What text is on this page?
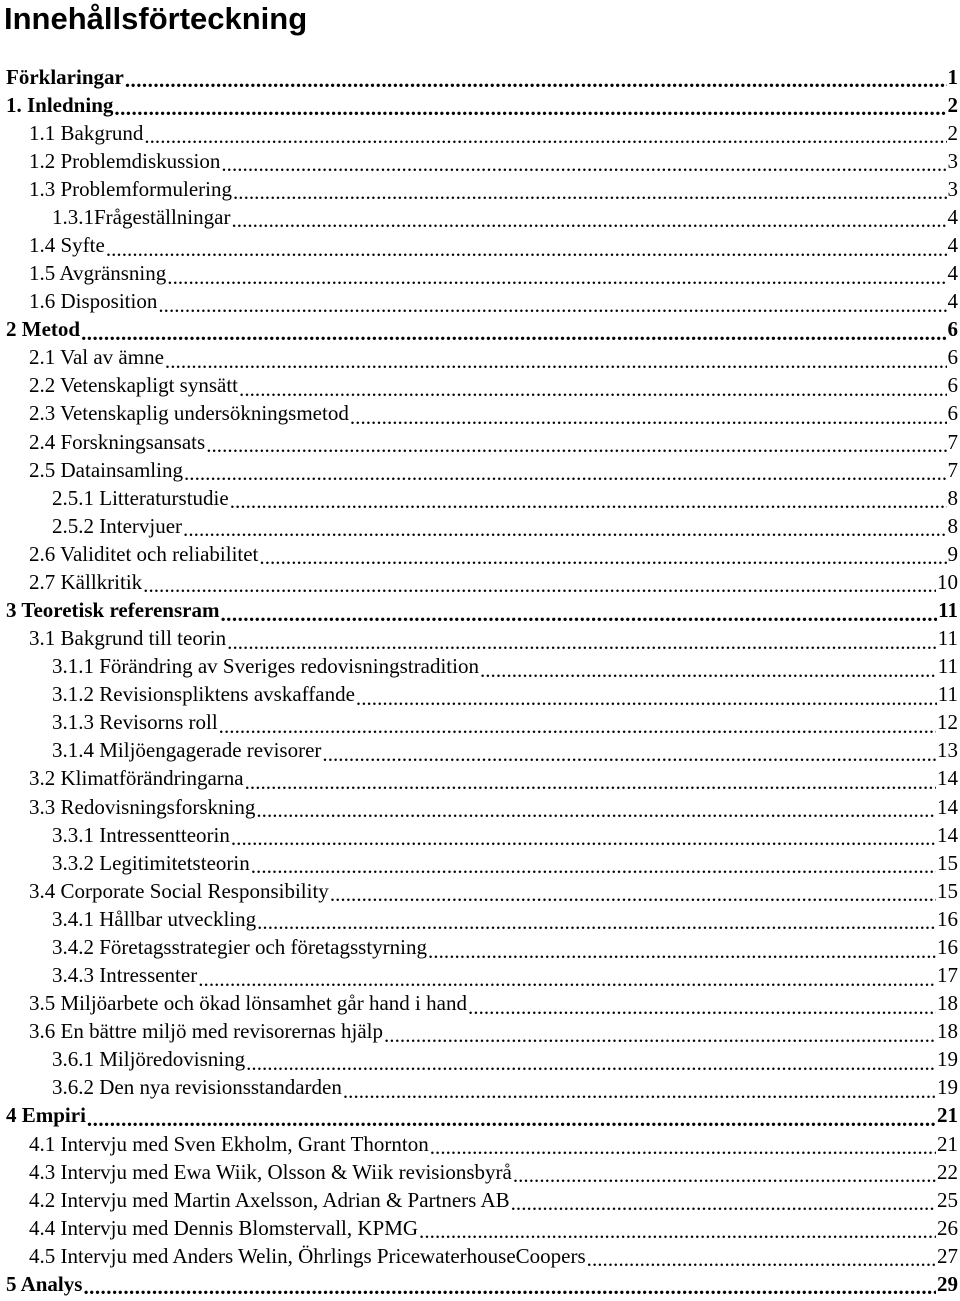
Innehållsförteckning
Förklaringar . . .	1
1. Inledning . . .	2
1.1 Bakgrund . . .	2
1.2 Problemdiskussion . . .	3
1.3 Problemformulering . . .	3
1.3.1Frågeställningar . . .	4
1.4 Syfte . . .	4
1.5 Avgränsning . . .	4
1.6 Disposition . . .	4
2 Metod . . .	6
2.1 Val av ämne . . .	6
2.2 Vetenskapligt synsätt . . .	6
2.3 Vetenskaplig undersökningsmetod . . .	6
2.4 Forskningsansats . . .	7
2.5 Datainsamling . . .	7
2.5.1 Litteraturstudie . . .	8
2.5.2 Intervjuer . . .	8
2.6 Validitet och reliabilitet . . .	9
2.7 Källkritik . . .	10
3 Teoretisk referensram . . .	11
3.1 Bakgrund till teorin . . .	11
3.1.1 Förändring av Sveriges redovisningstradition . . .	11
3.1.2 Revisionspliktens avskaffande . . .	11
3.1.3 Revisorns roll . . .	12
3.1.4 Miljöengagerade revisorer . . .	13
3.2 Klimatförändringarna . . .	14
3.3 Redovisningsforskning . . .	14
3.3.1 Intressentteorin . . .	14
3.3.2 Legitimitetsteorin . . .	15
3.4 Corporate Social Responsibility . . .	15
3.4.1 Hållbar utveckling . . .	16
3.4.2 Företagsstrategier och företagsstyrning . . .	16
3.4.3 Intressenter . . .	17
3.5 Miljöarbete och ökad lönsamhet går hand i hand . . .	18
3.6 En bättre miljö med revisorernas hjälp . . .	18
3.6.1 Miljöredovisning . . .	19
3.6.2 Den nya revisionsstandarden . . .	19
4 Empiri . . .	21
4.1 Intervju med Sven Ekholm, Grant Thornton . . .	21
4.3 Intervju med Ewa Wiik, Olsson & Wiik revisionsbyrå . . .	22
4.2 Intervju med Martin Axelsson, Adrian & Partners AB . . .	25
4.4 Intervju med Dennis Blomstervall, KPMG . . .	26
4.5 Intervju med Anders Welin, Öhrlings PricewaterhouseCoopers . . .	27
5 Analys . . .	29
